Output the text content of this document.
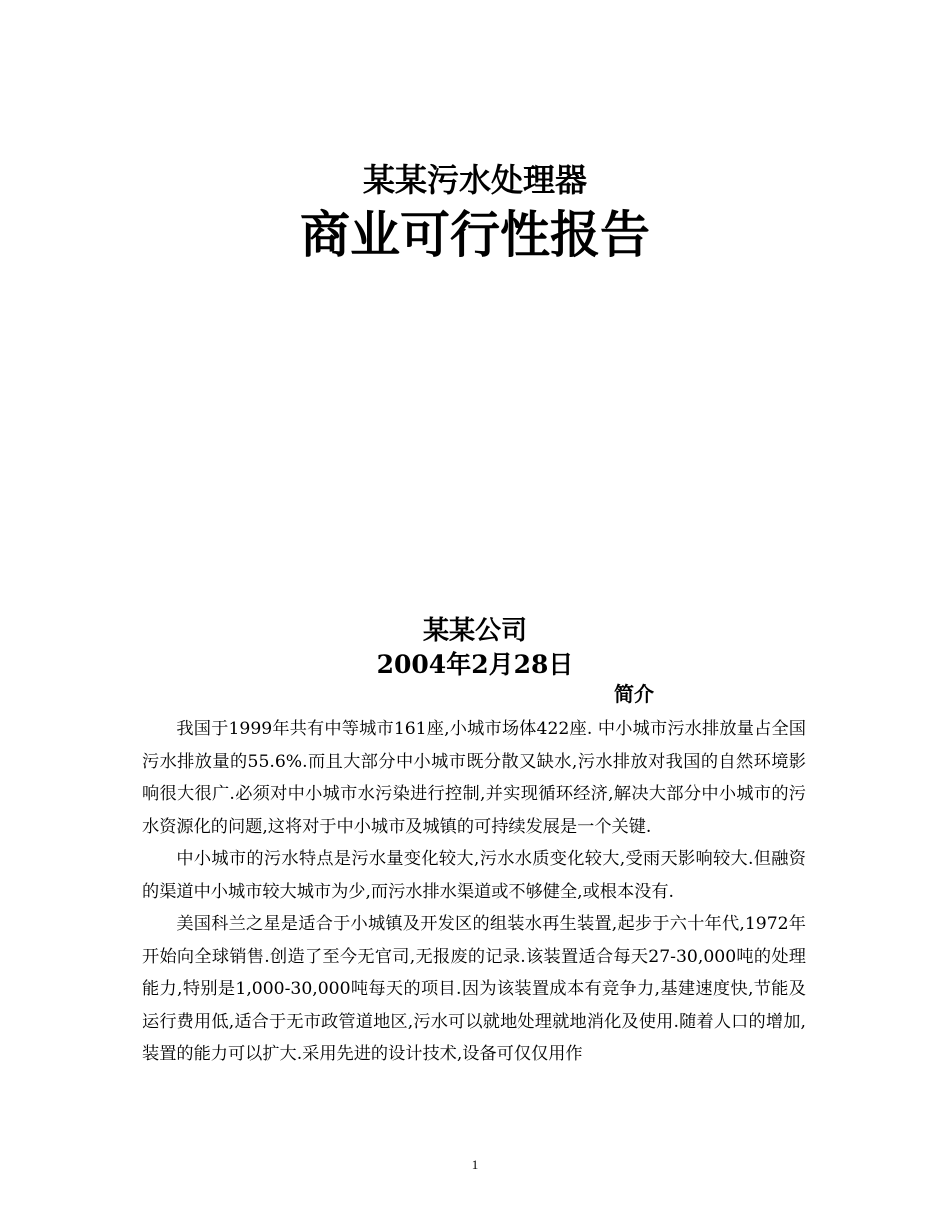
某某污水处理器
商业可行性报告
某某公司
2004年2月28日
简介

我国于1999年共有中等城市161座,小城市场体422座. 中小城市污水排放量占全国污水排放量的55.6%.而且大部分中小城市既分散又缺水,污水排放对我国的自然环境影响很大很广.必须对中小城市水污染进行控制,并实现循环经济,解决大部分中小城市的污水资源化的问题,这将对于中小城市及城镇的可持续发展是一个关键.

中小城市的污水特点是污水量变化较大,污水水质变化较大,受雨天影响较大.但融资的渠道中小城市较大城市为少,而污水排水渠道或不够健全,或根本没有.

美国科兰之星是适合于小城镇及开发区的组装水再生装置,起步于六十年代,1972年开始向全球销售.创造了至今无官司,无报废的记录.该装置适合每天27-30,000吨的处理能力,特别是1,000-30,000吨每天的项目.因为该装置成本有竞争力,基建速度快,节能及运行费用低,适合于无市政管道地区,污水可以就地处理就地消化及使用.随着人口的增加,装置的能力可以扩大.采用先进的设计技术,设备可仅仅用作

1
